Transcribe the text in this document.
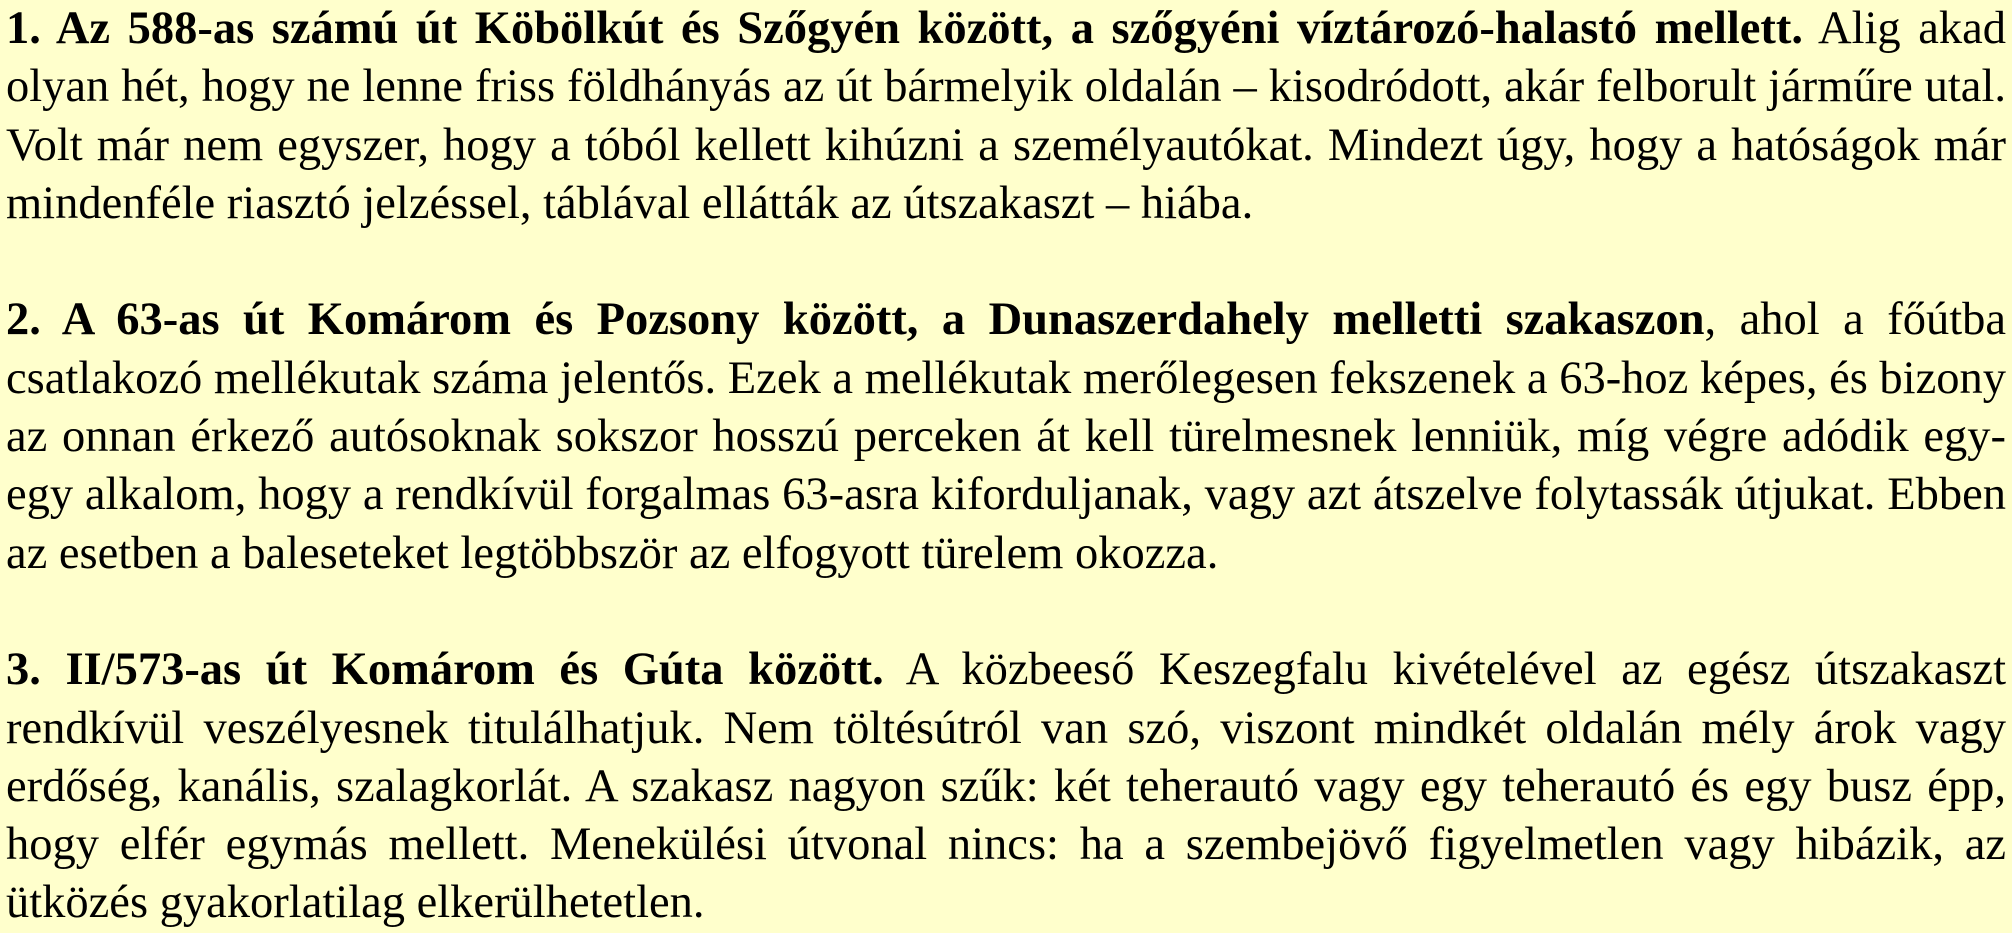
1. Az 588-as számú út Köbölkút és Szőgyén között, a szőgyéni víztározó-halastó mellett. Alig akad olyan hét, hogy ne lenne friss földhányás az út bármelyik oldalán – kisodródott, akár felborult járműre utal. Volt már nem egyszer, hogy a tóból kellett kihúzni a személyautókat. Mindezt úgy, hogy a hatóságok már mindenféle riasztó jelzéssel, táblával ellátták az útszakaszt – hiába.

2. A 63-as út Komárom és Pozsony között, a Dunaszerdahely melletti szakaszon, ahol a főútba csatlakozó mellékutak száma jelentős. Ezek a mellékutak merőlegesen fekszenek a 63-hoz képes, és bizony az onnan érkező autósoknak sokszor hosszú perceken át kell türelmesnek lenniük, míg végre adódik egy-egy alkalom, hogy a rendkívül forgalmas 63-asra kiforduljanak, vagy azt átszelve folytassák útjukat. Ebben az esetben a baleseteket legtöbbször az elfogyott türelem okozza.

3. II/573-as út Komárom és Gúta között. A közbeeső Keszegfalu kivételével az egész útszakaszt rendkívül veszélyesnek titulálhatjuk. Nem töltésútról van szó, viszont mindkét oldalán mély árok vagy erdőség, kanális, szalagkorlát. A szakasz nagyon szűk: két teherautó vagy egy teherautó és egy busz épp, hogy elfér egymás mellett. Menekülési útvonal nincs: ha a szembejövő figyelmetlen vagy hibázik, az ütközés gyakorlatilag elkerülhetetlen.
